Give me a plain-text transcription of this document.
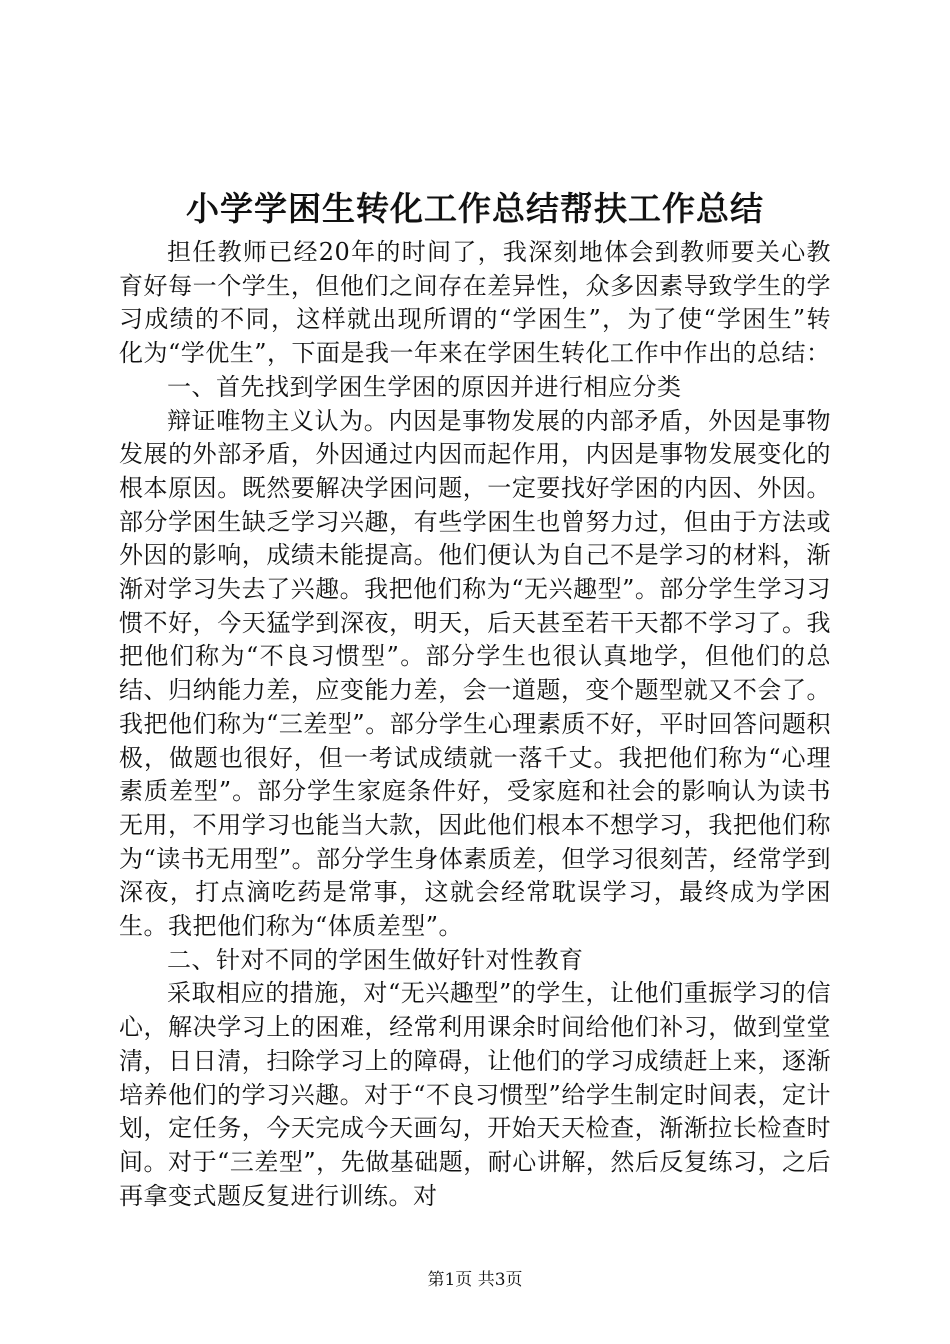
小学学困生转化工作总结帮扶工作总结

担任教师已经20年的时间了，我深刻地体会到教师要关心教育好每一个学生，但他们之间存在差异性，众多因素导致学生的学习成绩的不同，这样就出现所谓的“学困生”，为了使“学困生”转化为“学优生”，下面是我一年来在学困生转化工作中作出的总结：

一、首先找到学困生学困的原因并进行相应分类

辩证唯物主义认为。内因是事物发展的内部矛盾，外因是事物发展的外部矛盾，外因通过内因而起作用，内因是事物发展变化的根本原因。既然要解决学困问题，一定要找好学困的内因、外因。部分学困生缺乏学习兴趣，有些学困生也曾努力过，但由于方法或外因的影响，成绩未能提高。他们便认为自己不是学习的材料，渐渐对学习失去了兴趣。我把他们称为“无兴趣型”。部分学生学习习惯不好，今天猛学到深夜，明天，后天甚至若干天都不学习了。我把他们称为“不良习惯型”。部分学生也很认真地学，但他们的总结、归纳能力差，应变能力差，会一道题，变个题型就又不会了。我把他们称为“三差型”。部分学生心理素质不好，平时回答问题积极，做题也很好，但一考试成绩就一落千丈。我把他们称为“心理素质差型”。部分学生家庭条件好，受家庭和社会的影响认为读书无用，不用学习也能当大款，因此他们根本不想学习，我把他们称为“读书无用型”。部分学生身体素质差，但学习很刻苦，经常学到深夜，打点滴吃药是常事，这就会经常耽误学习，最终成为学困生。我把他们称为“体质差型”。

二、针对不同的学困生做好针对性教育

采取相应的措施，对“无兴趣型”的学生，让他们重振学习的信心，解决学习上的困难，经常利用课余时间给他们补习，做到堂堂清，日日清，扫除学习上的障碍，让他们的学习成绩赶上来，逐渐培养他们的学习兴趣。对于“不良习惯型”给学生制定时间表，定计划，定任务，今天完成今天画勾，开始天天检查，渐渐拉长检查时间。对于“三差型”，先做基础题，耐心讲解，然后反复练习，之后再拿变式题反复进行训练。对

第1页 共3页
